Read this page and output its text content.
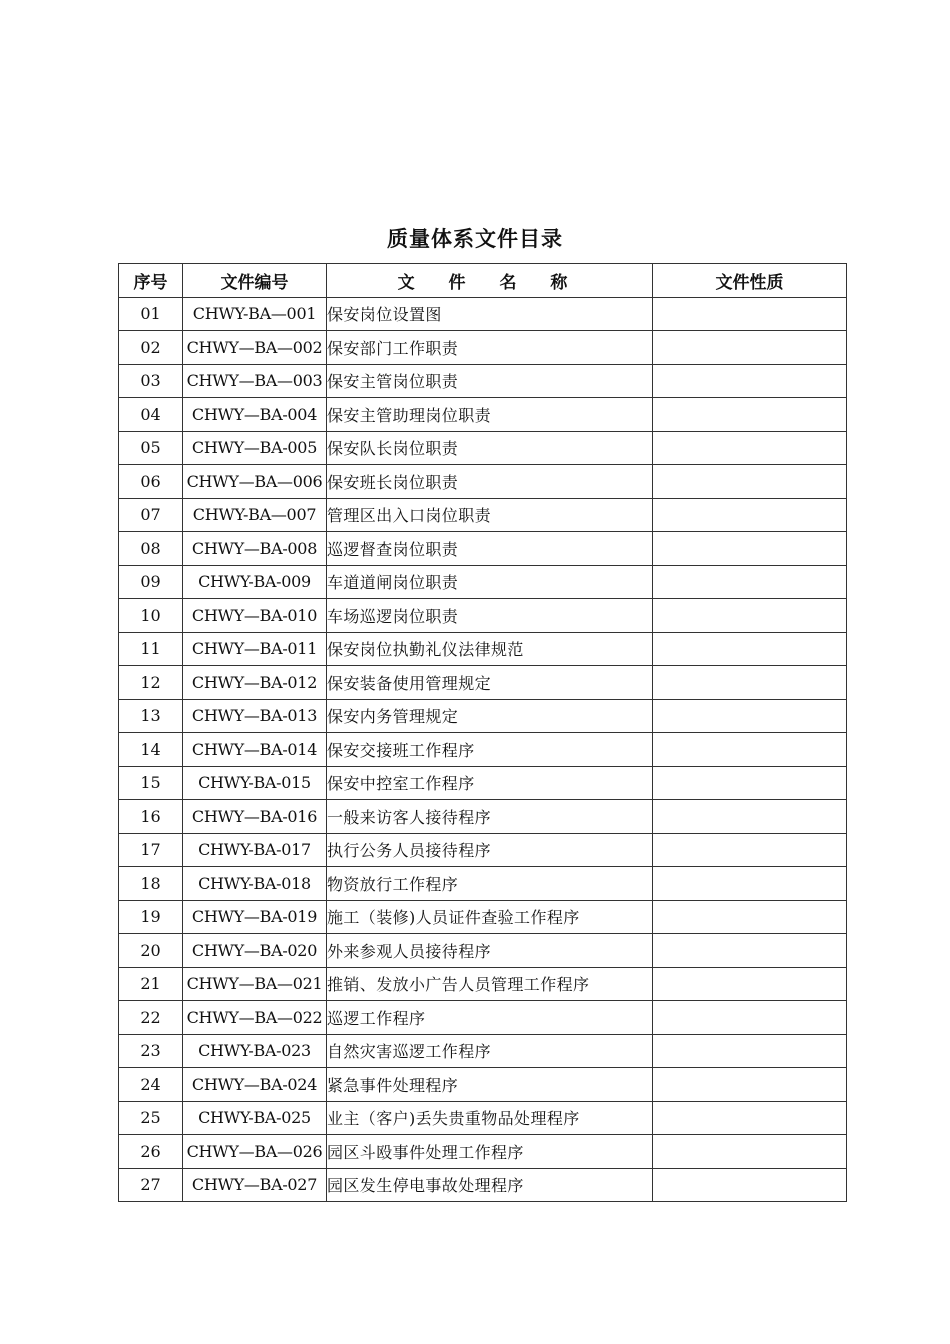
质量体系文件目录
序号	文件编号	文 件 名 称	文件性质
01	CHWY-BA—001	保安岗位设置图	
02	CHWY—BA—002	保安部门工作职责	
03	CHWY—BA—003	保安主管岗位职责	
04	CHWY—BA-004	保安主管助理岗位职责	
05	CHWY—BA-005	保安队长岗位职责	
06	CHWY—BA—006	保安班长岗位职责	
07	CHWY-BA—007	管理区出入口岗位职责	
08	CHWY—BA-008	巡逻督查岗位职责	
09	CHWY-BA-009	车道道闸岗位职责	
10	CHWY—BA-010	车场巡逻岗位职责	
11	CHWY—BA-011	保安岗位执勤礼仪法律规范	
12	CHWY—BA-012	保安装备使用管理规定	
13	CHWY—BA-013	保安内务管理规定	
14	CHWY—BA-014	保安交接班工作程序	
15	CHWY-BA-015	保安中控室工作程序	
16	CHWY—BA-016	一般来访客人接待程序	
17	CHWY-BA-017	执行公务人员接待程序	
18	CHWY-BA-018	物资放行工作程序	
19	CHWY—BA-019	施工（装修)人员证件查验工作程序	
20	CHWY—BA-020	外来参观人员接待程序	
21	CHWY—BA—021	推销、发放小广告人员管理工作程序	
22	CHWY—BA—022	巡逻工作程序	
23	CHWY-BA-023	自然灾害巡逻工作程序	
24	CHWY—BA-024	紧急事件处理程序	
25	CHWY-BA-025	业主（客户)丢失贵重物品处理程序	
26	CHWY—BA—026	园区斗殴事件处理工作程序	
27	CHWY—BA-027	园区发生停电事故处理程序	
